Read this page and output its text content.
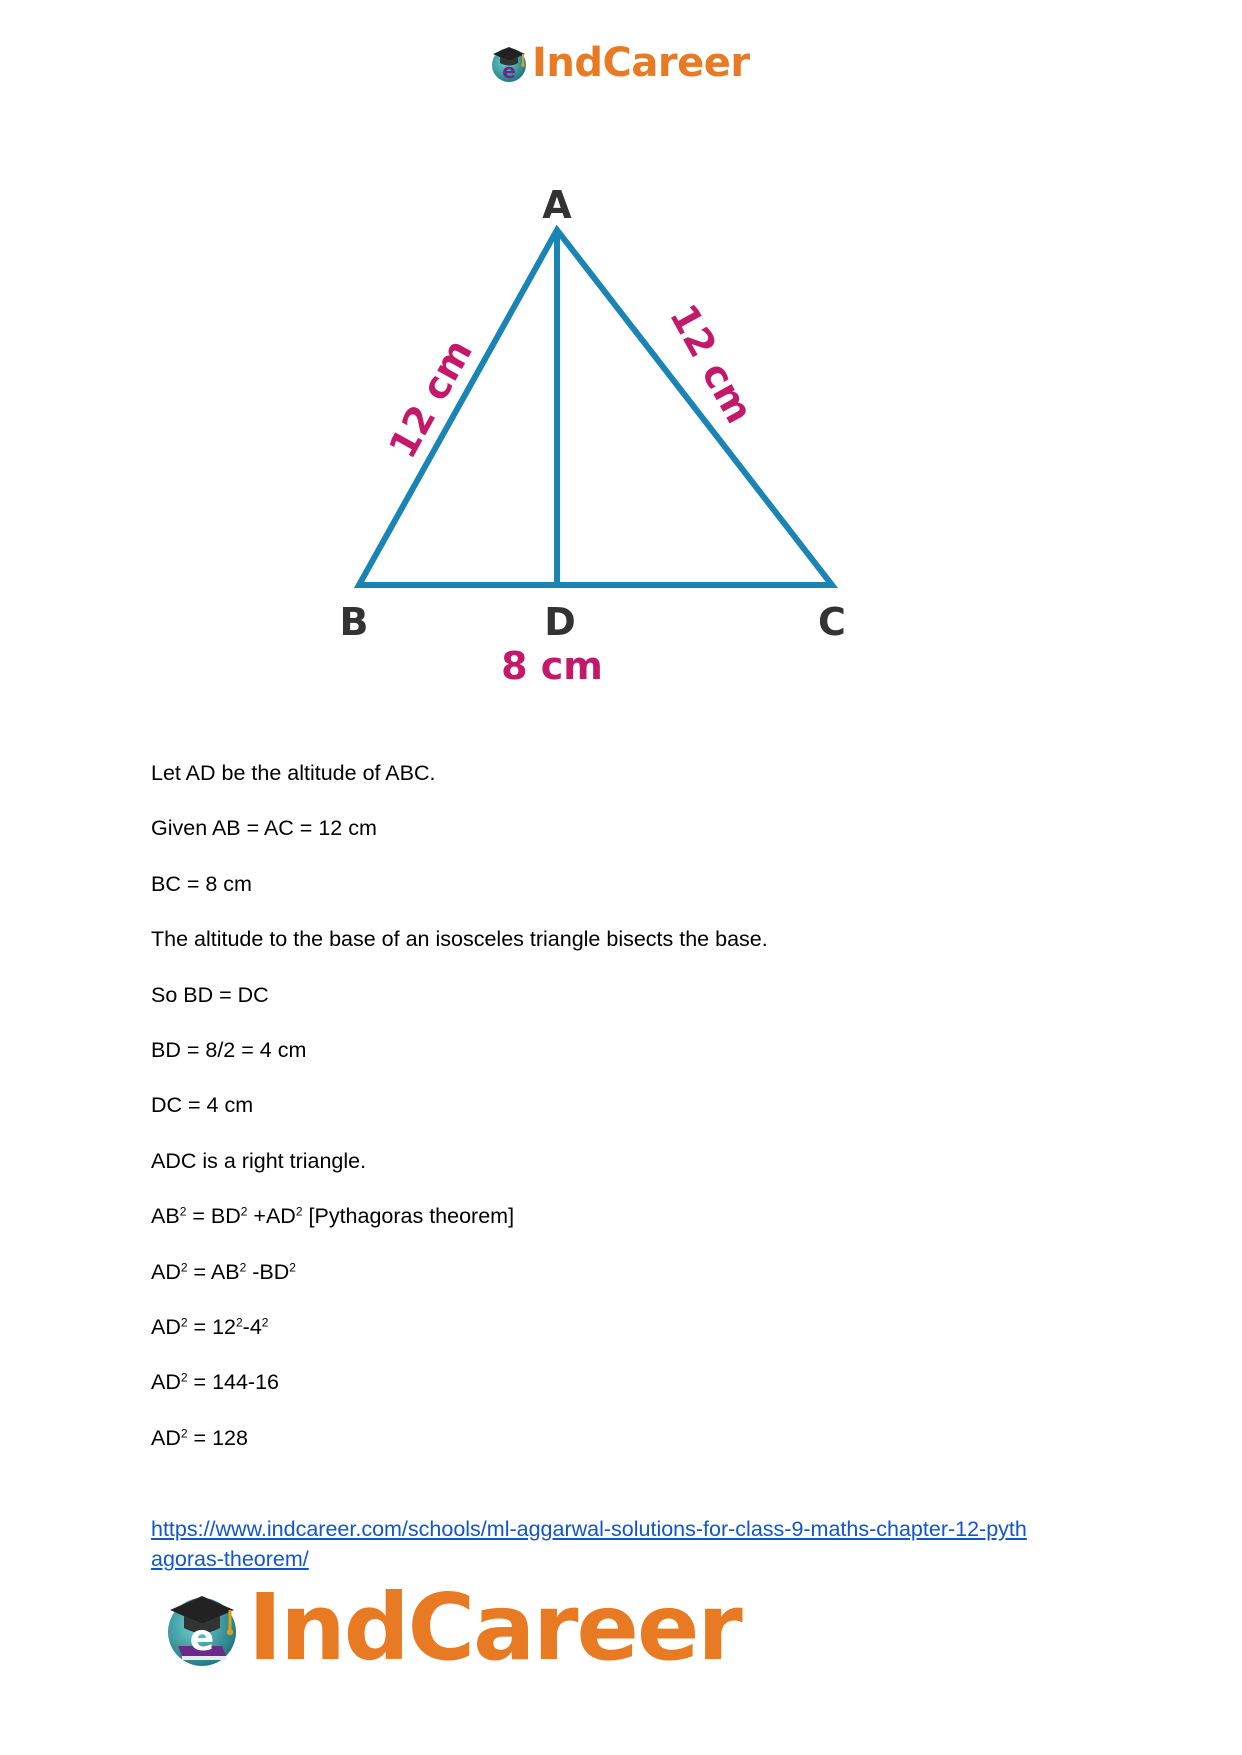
e IndCareer
A
B	D	C
12 cm	12 cm
8 cm
Let AD be the altitude of ABC.
Given AB = AC = 12 cm
BC = 8 cm
The altitude to the base of an isosceles triangle bisects the base.
So BD = DC
BD = 8/2 = 4 cm
DC = 4 cm
ADC is a right triangle.
$AB^2 = BD^2 +AD^2$ [Pythagoras theorem]
$AD^2 = AB^2$ $-BD^2$
$AD^2 = 12^2-4^2$
$AD^2 = 144-16$
$AD^2 = 128$
https://www.indcareer.com/schools/ml-aggarwal-solutions-for-class-9-maths-chapter-12-pyth
agoras-theorem/
e IndCareer
